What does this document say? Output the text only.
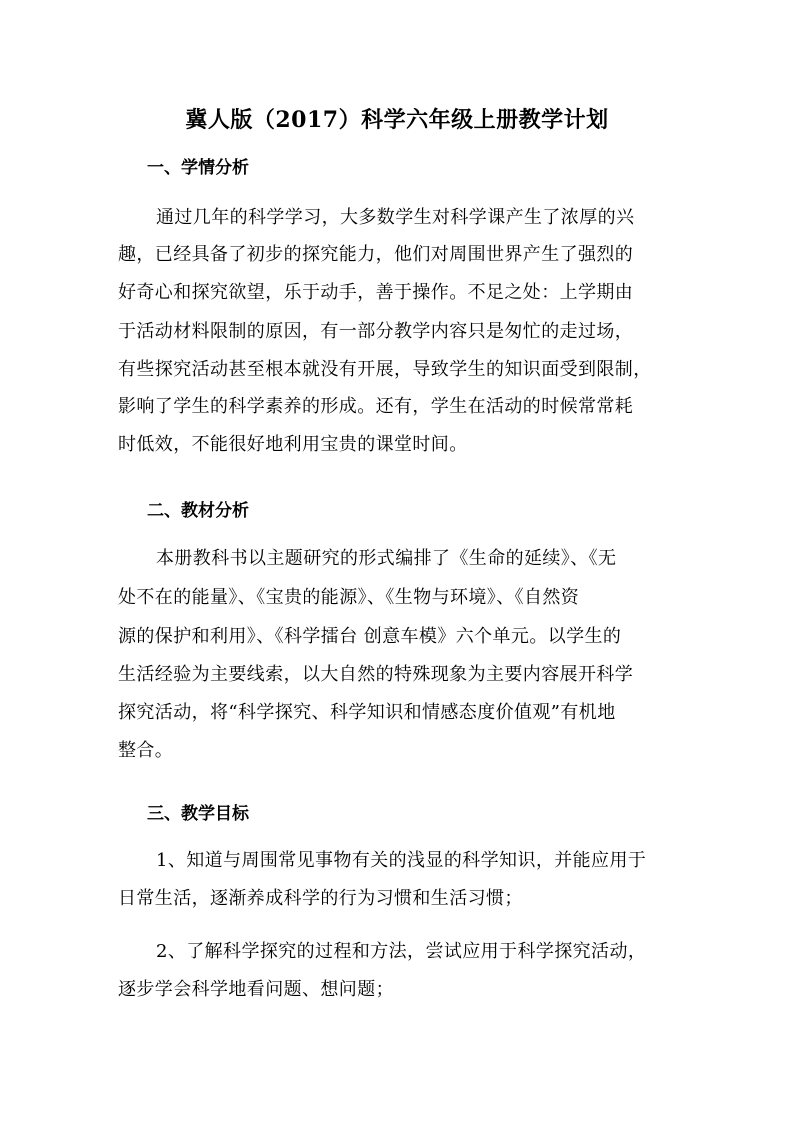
冀人版（2017）科学六年级上册教学计划
一、学情分析
通过几年的科学学习，大多数学生对科学课产生了浓厚的兴
趣，已经具备了初步的探究能力，他们对周围世界产生了强烈的
好奇心和探究欲望，乐于动手，善于操作。不足之处：上学期由
于活动材料限制的原因，有一部分教学内容只是匆忙的走过场，
有些探究活动甚至根本就没有开展，导致学生的知识面受到限制，
影响了学生的科学素养的形成。还有，学生在活动的时候常常耗
时低效，不能很好地利用宝贵的课堂时间。
二、教材分析
本册教科书以主题研究的形式编排了《生命的延续》、《无
处不在的能量》、《宝贵的能源》、《生物与环境》、《自然资
源的保护和利用》、《科学擂台 创意车模》六个单元。以学生的
生活经验为主要线索，以大自然的特殊现象为主要内容展开科学
探究活动，将“科学探究、科学知识和情感态度价值观”有机地
整合。
三、教学目标
1、知道与周围常见事物有关的浅显的科学知识，并能应用于
日常生活，逐渐养成科学的行为习惯和生活习惯；
2、了解科学探究的过程和方法，尝试应用于科学探究活动，
逐步学会科学地看问题、想问题；
